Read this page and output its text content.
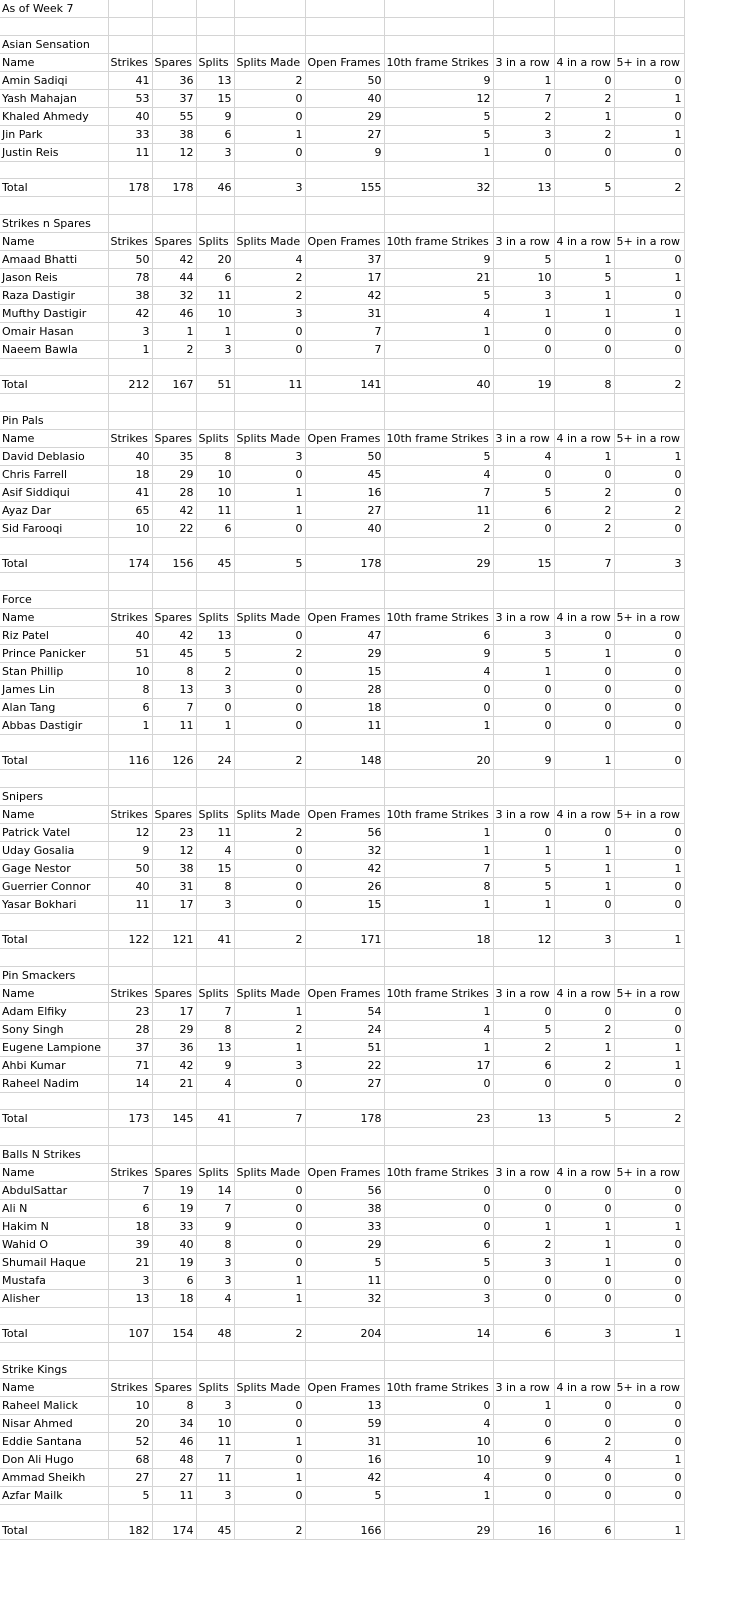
As of Week 7									

Asian Sensation									
Name	Strikes	Spares	Splits	Splits Made	Open Frames	10th frame Strikes	3 in a row	4 in a row	5+ in a row
Amin Sadiqi	41	36	13	2	50	9	1	0	0
Yash Mahajan	53	37	15	0	40	12	7	2	1
Khaled Ahmedy	40	55	9	0	29	5	2	1	0
Jin Park	33	38	6	1	27	5	3	2	1
Justin Reis	11	12	3	0	9	1	0	0	0

Total	178	178	46	3	155	32	13	5	2

Strikes n Spares									
Name	Strikes	Spares	Splits	Splits Made	Open Frames	10th frame Strikes	3 in a row	4 in a row	5+ in a row
Amaad Bhatti	50	42	20	4	37	9	5	1	0
Jason Reis	78	44	6	2	17	21	10	5	1
Raza Dastigir	38	32	11	2	42	5	3	1	0
Mufthy Dastigir	42	46	10	3	31	4	1	1	1
Omair Hasan	3	1	1	0	7	1	0	0	0
Naeem Bawla	1	2	3	0	7	0	0	0	0

Total	212	167	51	11	141	40	19	8	2

Pin Pals									
Name	Strikes	Spares	Splits	Splits Made	Open Frames	10th frame Strikes	3 in a row	4 in a row	5+ in a row
David Deblasio	40	35	8	3	50	5	4	1	1
Chris Farrell	18	29	10	0	45	4	0	0	0
Asif Siddiqui	41	28	10	1	16	7	5	2	0
Ayaz Dar	65	42	11	1	27	11	6	2	2
Sid Farooqi	10	22	6	0	40	2	0	2	0

Total	174	156	45	5	178	29	15	7	3

Force									
Name	Strikes	Spares	Splits	Splits Made	Open Frames	10th frame Strikes	3 in a row	4 in a row	5+ in a row
Riz Patel	40	42	13	0	47	6	3	0	0
Prince Panicker	51	45	5	2	29	9	5	1	0
Stan Phillip	10	8	2	0	15	4	1	0	0
James Lin	8	13	3	0	28	0	0	0	0
Alan Tang	6	7	0	0	18	0	0	0	0
Abbas Dastigir	1	11	1	0	11	1	0	0	0

Total	116	126	24	2	148	20	9	1	0

Snipers									
Name	Strikes	Spares	Splits	Splits Made	Open Frames	10th frame Strikes	3 in a row	4 in a row	5+ in a row
Patrick Vatel	12	23	11	2	56	1	0	0	0
Uday Gosalia	9	12	4	0	32	1	1	1	0
Gage Nestor	50	38	15	0	42	7	5	1	1
Guerrier Connor	40	31	8	0	26	8	5	1	0
Yasar Bokhari	11	17	3	0	15	1	1	0	0

Total	122	121	41	2	171	18	12	3	1

Pin Smackers									
Name	Strikes	Spares	Splits	Splits Made	Open Frames	10th frame Strikes	3 in a row	4 in a row	5+ in a row
Adam Elfiky	23	17	7	1	54	1	0	0	0
Sony Singh	28	29	8	2	24	4	5	2	0
Eugene Lampione	37	36	13	1	51	1	2	1	1
Ahbi Kumar	71	42	9	3	22	17	6	2	1
Raheel Nadim	14	21	4	0	27	0	0	0	0

Total	173	145	41	7	178	23	13	5	2

Balls N Strikes									
Name	Strikes	Spares	Splits	Splits Made	Open Frames	10th frame Strikes	3 in a row	4 in a row	5+ in a row
AbdulSattar	7	19	14	0	56	0	0	0	0
Ali N	6	19	7	0	38	0	0	0	0
Hakim N	18	33	9	0	33	0	1	1	1
Wahid O	39	40	8	0	29	6	2	1	0
Shumail Haque	21	19	3	0	5	5	3	1	0
Mustafa	3	6	3	1	11	0	0	0	0
Alisher	13	18	4	1	32	3	0	0	0

Total	107	154	48	2	204	14	6	3	1

Strike Kings									
Name	Strikes	Spares	Splits	Splits Made	Open Frames	10th frame Strikes	3 in a row	4 in a row	5+ in a row
Raheel Malick	10	8	3	0	13	0	1	0	0
Nisar Ahmed	20	34	10	0	59	4	0	0	0
Eddie Santana	52	46	11	1	31	10	6	2	0
Don Ali Hugo	68	48	7	0	16	10	9	4	1
Ammad Sheikh	27	27	11	1	42	4	0	0	0
Azfar Mailk	5	11	3	0	5	1	0	0	0

Total	182	174	45	2	166	29	16	6	1
